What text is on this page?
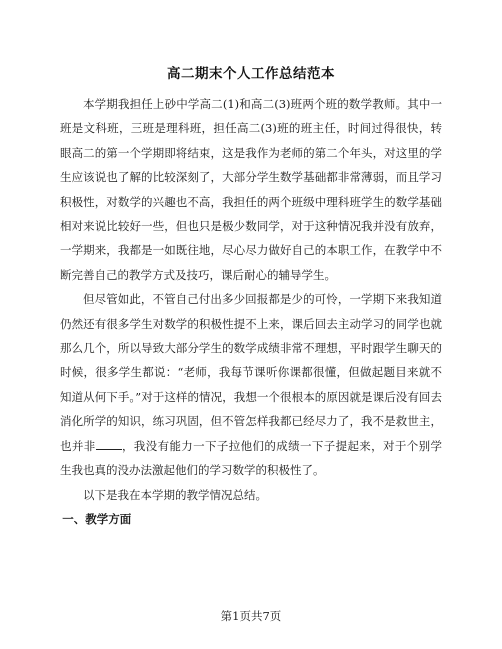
高二期末个人工作总结范本

本学期我担任上砂中学高二(1)和高二(3)班两个班的数学教师。其中一班是文科班，三班是理科班，担任高二(3)班的班主任，时间过得很快，转眼高二的第一个学期即将结束，这是我作为老师的第二个年头，对这里的学生应该说也了解的比较深刻了，大部分学生数学基础都非常薄弱，而且学习积极性，对数学的兴趣也不高，我担任的两个班级中理科班学生的数学基础相对来说比较好一些，但也只是极少数同学，对于这种情况我并没有放弃，一学期来，我都是一如既往地，尽心尽力做好自己的本职工作，在教学中不断完善自己的教学方式及技巧，课后耐心的辅导学生。

但尽管如此，不管自己付出多少回报都是少的可怜，一学期下来我知道仍然还有很多学生对数学的积极性提不上来，课后回去主动学习的同学也就那么几个，所以导致大部分学生的数学成绩非常不理想，平时跟学生聊天的时候，很多学生都说：“老师，我每节课听你课都很懂，但做起题目来就不知道从何下手。”对于这样的情况，我想一个很根本的原因就是课后没有回去消化所学的知识，练习巩固，但不管怎样我都已经尽力了，我不是救世主，也并非 ，我没有能力一下子拉他们的成绩一下子提起来，对于个别学生我也真的没办法激起他们的学习数学的积极性了。

以下是我在本学期的教学情况总结。

一、教学方面

第1页共7页
